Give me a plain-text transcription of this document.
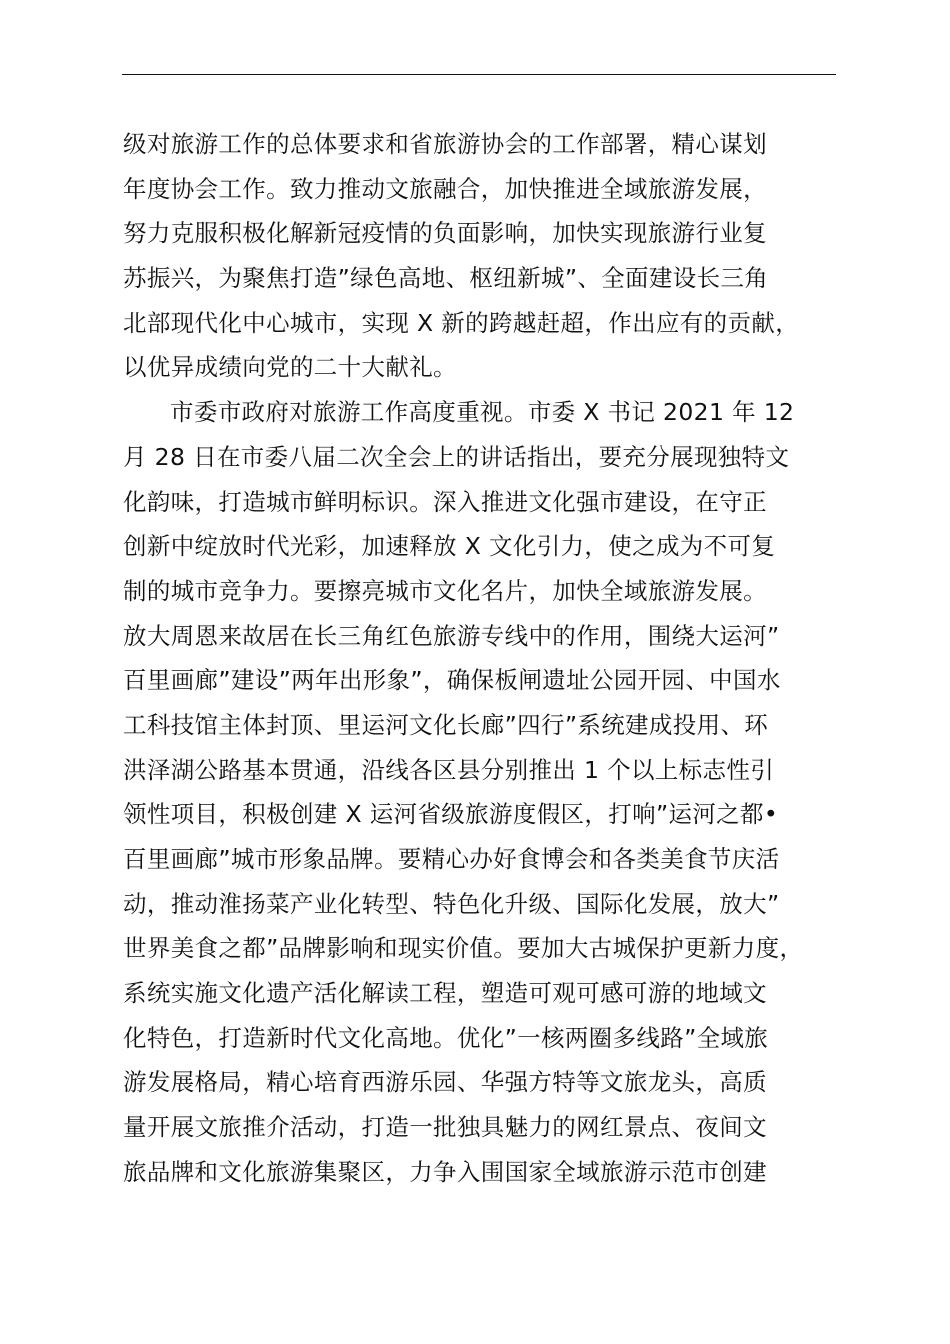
级对旅游工作的总体要求和省旅游协会的工作部署，精心谋划
年度协会工作。致力推动文旅融合，加快推进全域旅游发展，
努力克服积极化解新冠疫情的负面影响，加快实现旅游行业复
苏振兴，为聚焦打造”绿色高地、枢纽新城”、全面建设长三角
北部现代化中心城市，实现 X 新的跨越赶超，作出应有的贡献，
以优异成绩向党的二十大献礼。
市委市政府对旅游工作高度重视。市委 X 书记 2021 年 12
月 28 日在市委八届二次全会上的讲话指出，要充分展现独特文
化韵味，打造城市鲜明标识。深入推进文化强市建设，在守正
创新中绽放时代光彩，加速释放 X 文化引力，使之成为不可复
制的城市竞争力。要擦亮城市文化名片，加快全域旅游发展。
放大周恩来故居在长三角红色旅游专线中的作用，围绕大运河”
百里画廊”建设”两年出形象”，确保板闸遗址公园开园、中国水
工科技馆主体封顶、里运河文化长廊”四行”系统建成投用、环
洪泽湖公路基本贯通，沿线各区县分别推出 1 个以上标志性引
领性项目，积极创建 X 运河省级旅游度假区，打响”运河之都•
百里画廊”城市形象品牌。要精心办好食博会和各类美食节庆活
动，推动淮扬菜产业化转型、特色化升级、国际化发展，放大”
世界美食之都”品牌影响和现实价值。要加大古城保护更新力度，
系统实施文化遗产活化解读工程，塑造可观可感可游的地域文
化特色，打造新时代文化高地。优化”一核两圈多线路”全域旅
游发展格局，精心培育西游乐园、华强方特等文旅龙头，高质
量开展文旅推介活动，打造一批独具魅力的网红景点、夜间文
旅品牌和文化旅游集聚区，力争入围国家全域旅游示范市创建
